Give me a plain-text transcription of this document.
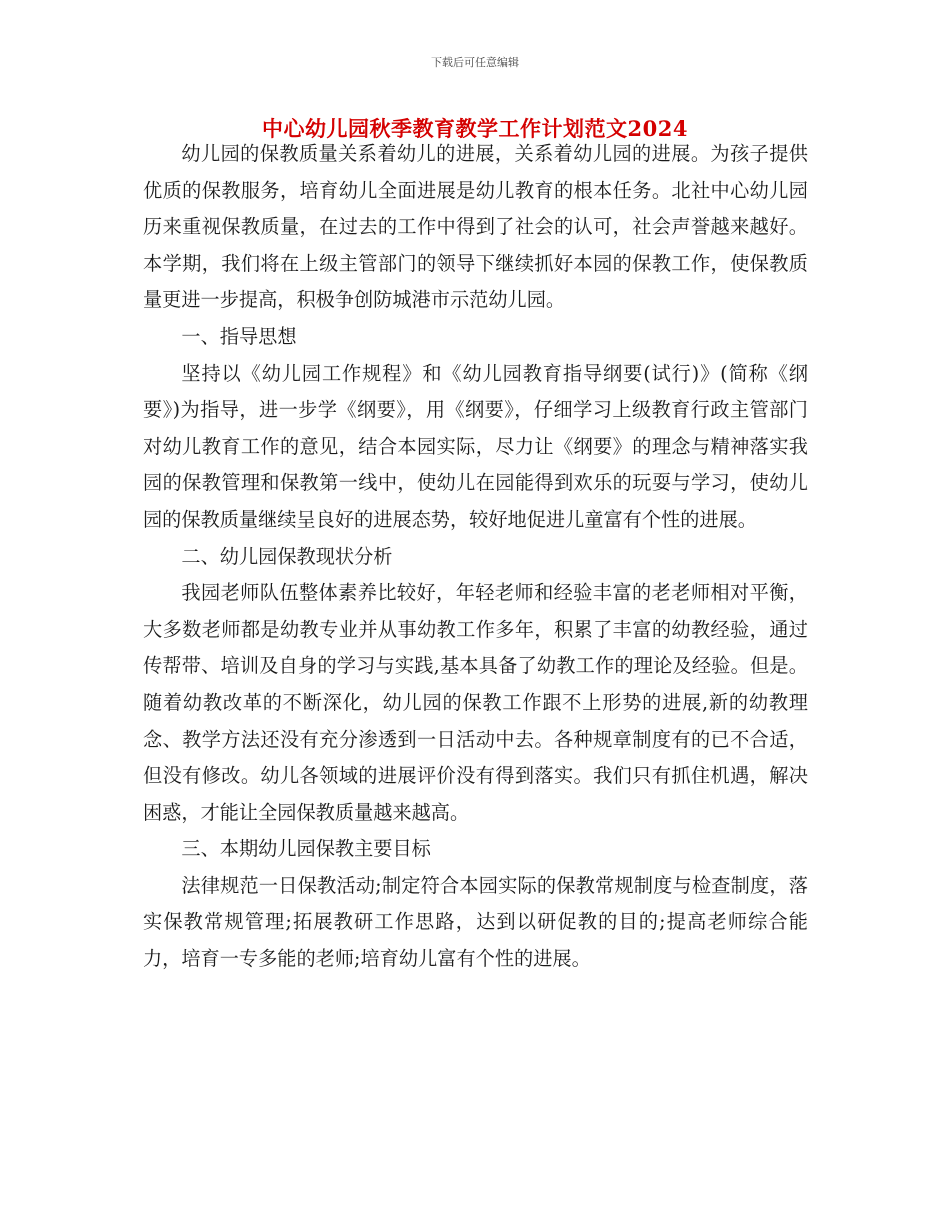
下载后可任意编辑
中心幼儿园秋季教育教学工作计划范文2024

幼儿园的保教质量关系着幼儿的进展，关系着幼儿园的进展。为孩子提供优质的保教服务，培育幼儿全面进展是幼儿教育的根本任务。北社中心幼儿园历来重视保教质量，在过去的工作中得到了社会的认可，社会声誉越来越好。本学期，我们将在上级主管部门的领导下继续抓好本园的保教工作，使保教质量更进一步提高，积极争创防城港市示范幼儿园。

一、指导思想

坚持以《幼儿园工作规程》和《幼儿园教育指导纲要(试行)》(简称《纲要》)为指导，进一步学《纲要》，用《纲要》，仔细学习上级教育行政主管部门对幼儿教育工作的意见，结合本园实际，尽力让《纲要》的理念与精神落实我园的保教管理和保教第一线中，使幼儿在园能得到欢乐的玩耍与学习，使幼儿园的保教质量继续呈良好的进展态势，较好地促进儿童富有个性的进展。

二、幼儿园保教现状分析

我园老师队伍整体素养比较好，年轻老师和经验丰富的老老师相对平衡，大多数老师都是幼教专业并从事幼教工作多年，积累了丰富的幼教经验，通过传帮带、培训及自身的学习与实践,基本具备了幼教工作的理论及经验。但是。随着幼教改革的不断深化，幼儿园的保教工作跟不上形势的进展,新的幼教理念、教学方法还没有充分渗透到一日活动中去。各种规章制度有的已不合适，但没有修改。幼儿各领域的进展评价没有得到落实。我们只有抓住机遇，解决困惑，才能让全园保教质量越来越高。

三、本期幼儿园保教主要目标

法律规范一日保教活动;制定符合本园实际的保教常规制度与检查制度，落实保教常规管理;拓展教研工作思路，达到以研促教的目的;提高老师综合能力，培育一专多能的老师;培育幼儿富有个性的进展。
